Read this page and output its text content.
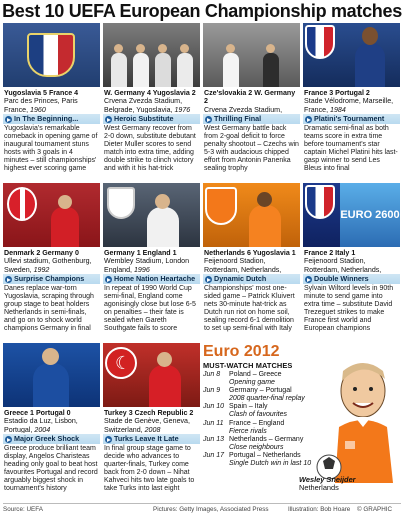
Best 10 UEFA European Championship matches
Yugoslavia 5 France 4
Parc des Princes, Paris
France, 1960
In The Beginning...
Yugoslavia's remarkable comeback in opening game of inaugural tournament stuns hosts with 3 goals in 4 minutes – still championships' highest ever scoring game
W. Germany 4 Yugoslavia 2
Crvena Zvezda Stadium,
Belgrade, Yugoslavia, 1976
Heroic Substitute
West Germany recover from 2-0 down, substitute debutant Dieter Muller scores to send match into extra time, adding double strike to clinch victory and with it his hat-trick
Cze'slovakia 2 W. Germany 2
Crvena Zvezda Stadium,
Thrilling Final
West Germany battle back from 2-goal deficit to force penalty shootout – Czechs win 5-3 with audacious chipped effort from Antonin Panenka sealing trophy
France 3 Portugal 2
Stade Vélodrome, Marseille,
France, 1984
Platini's Tournament
Dramatic semi-final as both teams score in extra time before tournament's star captain Michel Platini hits last-gasp winner to send Les Bleus into final
Denmark 2 Germany 0
Ullevi stadium, Gothenburg,
Sweden, 1992
Surprise Champions
Danes replace war-torn Yugoslavia, scraping through group stage to beat holders Netherlands in semi-finals, and go on to shock world champions Germany in final
Germany 1 England 1
Wembley Stadium, London
England, 1996
Home Nation Heartache
In repeat of 1990 World Cup semi-final, England come agonisingly close but lose 6-5 on penalties – their fate is sealed when Gareth Southgate fails to score
Netherlands 6 Yugoslavia 1
Feijenoord Stadion,
Rotterdam, Netherlands,
Dynamic Dutch
Championships' most one-sided game – Patrick Kluivert nets 30-minute hat-trick as Dutch run riot on home soil, sealing record 6-1 demolition to set up semi-final with Italy
EURO 2600
France 2 Italy 1
Feijenoord Stadion,
Rotterdam, Netherlands,
Double Winners
Sylvain Wiltord levels in 90th minute to send game into extra time – substitute David Trezeguet strikes to make France first world and European champions
Greece 1 Portugal 0
Estadio da Luz, Lisbon,
Portugal, 2004
Major Greek Shock
Greece produce brilliant team display, Angelos Charisteas heading only goal to beat host favourites Portugal and record arguably biggest shock in tournament's history
☾
Turkey 3 Czech Republic 2
Stade de Genève, Geneva,
Switzerland, 2008
Turks Leave It Late
In final group stage game to decide who advances to quarter-finals, Turkey come back from 2-0 down – Nihat Kahveci hits two late goals to take Turks into last eight
Euro 2012
MUST-WATCH MATCHES
Jun 8	Poland – Greece
Opening game
Jun 9	Germany – Portugal
2008 quarter-final replay
Jun 10 Spain – Italy
Clash of favourites
Jun 11 France – England
Fierce rivals
Jun 13 Netherlands – Germany
Close neighbours
Jun 17 Portugal – Netherlands
Single Dutch win in last 10
Wesley Sneijder
Netherlands
Source: UEFA	Pictures: Getty Images, Associated Press	Illustration: Bob Hoare © GRAPHIC
